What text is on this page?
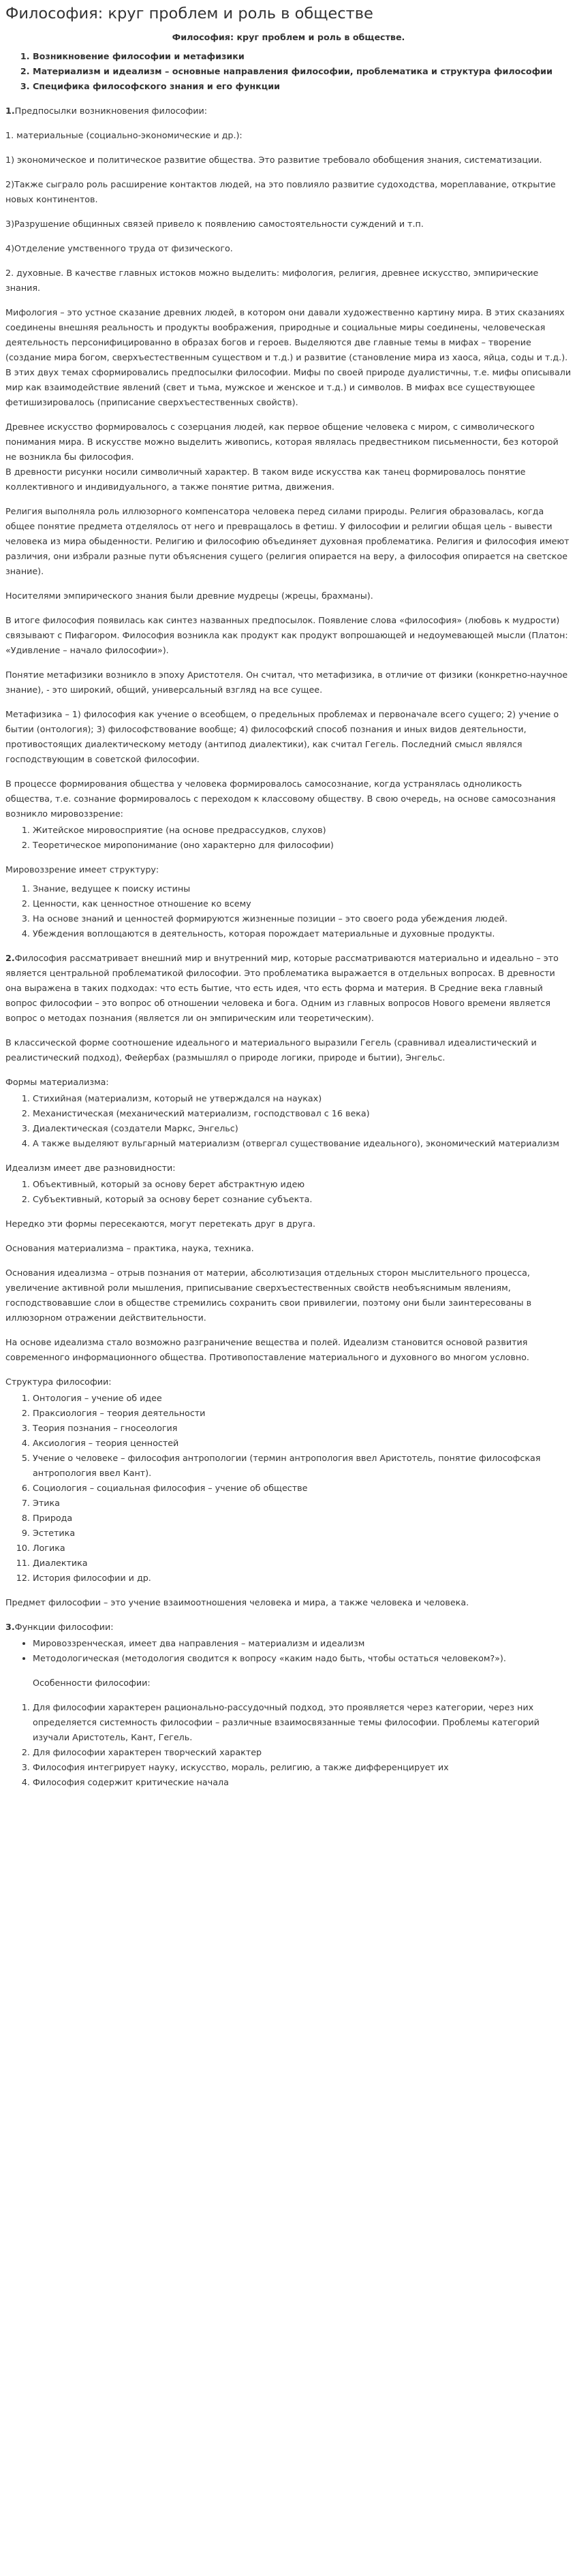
Философия: круг проблем и роль в обществе
Философия: круг проблем и роль в обществе.
1. Возникновение философии и метафизики
2. Материализм и идеализм – основные направления философии, проблематика и структура философии
3. Специфика философского знания и его функции

1.Предпосылки возникновения философии:

1. материальные (социально-экономические и др.):

1) экономическое и политическое развитие общества. Это развитие требовало обобщения знания, систематизации.

2)Также сыграло роль расширение контактов людей, на это повлияло развитие судоходства, мореплавание, открытие новых континентов.

3)Разрушение общинных связей привело к появлению самостоятельности суждений и т.п.

4)Отделение умственного труда от физического.

2. духовные. В качестве главных истоков можно выделить: мифология, религия, древнее искусство, эмпирические знания.

Мифология – это устное сказание древних людей, в котором они давали художественно картину мира. В этих сказаниях соединены внешняя реальность и продукты воображения, природные и социальные миры соединены, человеческая деятельность персонифицированно в образах богов и героев. Выделяются две главные темы в мифах – творение (создание мира богом, сверхъестественным существом и т.д.) и развитие (становление мира из хаоса, яйца, соды и т.д.). В этих двух темах сформировались предпосылки философии. Мифы по своей природе дуалистичны, т.е. мифы описывали мир как взаимодействие явлений (свет и тьма, мужское и женское и т.д.) и символов. В мифах все существующее фетишизировалось (приписание сверхъестественных свойств).

Древнее искусство формировалось с созерцания людей, как первое общение человека с миром, с символического понимания мира. В искусстве можно выделить живопись, которая являлась предвестником письменности, без которой не возникла бы философия.
В древности рисунки носили символичный характер. В таком виде искусства как танец формировалось понятие коллективного и индивидуального, а также понятие ритма, движения.

Религия выполняла роль иллюзорного компенсатора человека перед силами природы. Религия образовалась, когда общее понятие предмета отделялось от него и превращалось в фетиш. У философии и религии общая цель - вывести человека из мира обыденности. Религию и философию объединяет духовная проблематика. Религия и философия имеют различия, они избрали разные пути объяснения сущего (религия опирается на веру, а философия опирается на светское знание).

Носителями эмпирического знания были древние мудрецы (жрецы, брахманы).

В итоге философия появилась как синтез названных предпосылок. Появление слова «философия» (любовь к мудрости) связывают с Пифагором. Философия возникла как продукт как продукт вопрошающей и недоумевающей мысли (Платон: «Удивление – начало философии»).

Понятие метафизики возникло в эпоху Аристотеля. Он считал, что метафизика, в отличие от физики (конкретно-научное знание), - это широкий, общий, универсальный взгляд на все сущее.

Метафизика – 1) философия как учение о всеобщем, о предельных проблемах и первоначале всего сущего; 2) учение о бытии (онтология); 3) философствование вообще; 4) философский способ познания и иных видов деятельности, противостоящих диалектическому методу (антипод диалектики), как считал Гегель. Последний смысл являлся господствующим в советской философии.

В процессе формирования общества у человека формировалось самосознание, когда устранялась одноликость общества, т.е. сознание формировалось с переходом к классовому обществу. В свою очередь, на основе самосознания возникло мировоззрение:

1. Житейское мировосприятие (на основе предрассудков, слухов)
2. Теоретическое миропонимание (оно характерно для философии)

Мировоззрение имеет структуру:

1. Знание, ведущее к поиску истины
2. Ценности, как ценностное отношение ко всему
3. На основе знаний и ценностей формируются жизненные позиции – это своего рода убеждения людей.
4. Убеждения воплощаются в деятельность, которая порождает материальные и духовные продукты.

2.Философия рассматривает внешний мир и внутренний мир, которые рассматриваются материально и идеально – это является центральной проблематикой философии. Это проблематика выражается в отдельных вопросах. В древности она выражена в таких подходах: что есть бытие, что есть идея, что есть форма и материя. В Средние века главный вопрос философии – это вопрос об отношении человека и бога. Одним из главных вопросов Нового времени является вопрос о методах познания (является ли он эмпирическим или теоретическим).

В классической форме соотношение идеального и материального выразили Гегель (сравнивал идеалистический и реалистический подход), Фейербах (размышлял о природе логики, природе и бытии), Энгельс.

Формы материализма:

1. Стихийная (материализм, который не утверждался на науках)
2. Механистическая (механический материализм, господствовал с 16 века)
3. Диалектическая (создатели Маркс, Энгельс)
4. А также выделяют вульгарный материализм (отвергал существование идеального), экономический материализм

Идеализм имеет две разновидности:

1. Объективный, который за основу берет абстрактную идею
2. Субъективный, который за основу берет сознание субъекта.

Нередко эти формы пересекаются, могут перетекать друг в друга.

Основания материализма – практика, наука, техника.

Основания идеализма – отрыв познания от материи, абсолютизация отдельных сторон мыслительного процесса, увеличение активной роли мышления, приписывание сверхъестественных свойств необъяснимым явлениям, господствовавшие слои в обществе стремились сохранить свои привилегии, поэтому они были заинтересованы в иллюзорном отражении действительности.

На основе идеализма стало возможно разграничение вещества и полей. Идеализм становится основой развития современного информационного общества. Противопоставление материального и духовного во многом условно.

Структура философии:

1. Онтология – учение об идее
2. Праксиология – теория деятельности
3. Теория познания – гносеология
4. Аксиология – теория ценностей
5. Учение о человеке – философия антропологии (термин антропология ввел Аристотель, понятие философская антропология ввел Кант).
6. Социология – социальная философия – учение об обществе
7. Этика
8. Природа
9. Эстетика
10. Логика
11. Диалектика
12. История философии и др.

Предмет философии – это учение взаимоотношения человека и мира, а также человека и человека.

3.Функции философии:

• Мировоззренческая, имеет два направления – материализм и идеализм
• Методологическая (методология сводится к вопросу «каким надо быть, чтобы остаться человеком?»).

Особенности философии:

1. Для философии характерен рационально-рассудочный подход, это проявляется через категории, через них определяется системность философии – различные взаимосвязанные темы философии. Проблемы категорий изучали Аристотель, Кант, Гегель.
2. Для философии характерен творческий характер
3. Философия интегрирует науку, искусство, мораль, религию, а также дифференцирует их
4. Философия содержит критические начала
